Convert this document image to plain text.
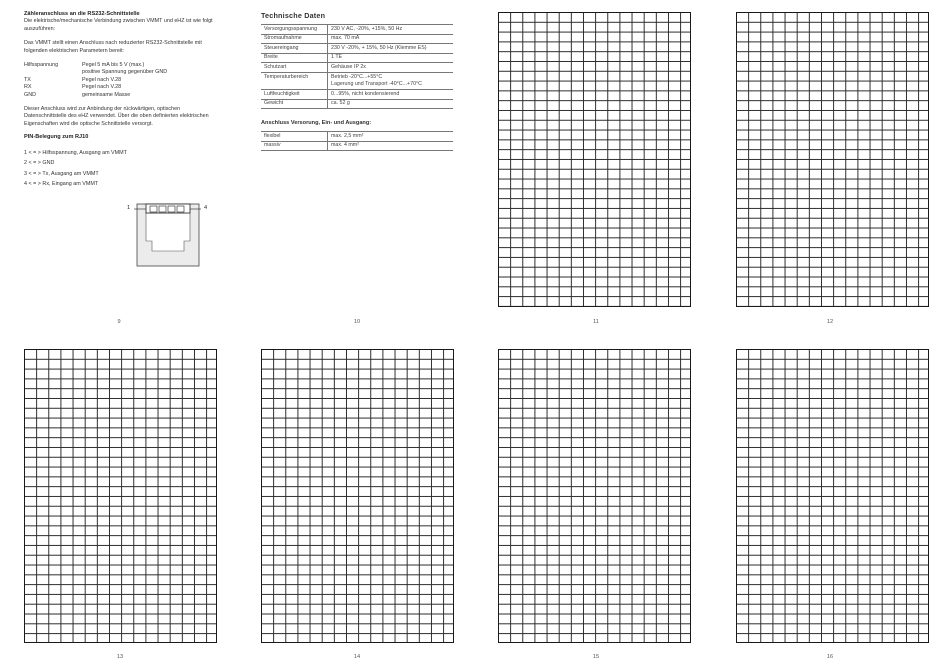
Zähleranschluss an die RS232-Schnittstelle

Die elektrische/mechanische Verbindung zwischen VMMT und eHZ ist wie folgt auszuführen:

Das VMMT stellt einen Anschluss nach reduzierter RS232-Schnittstelle mit folgenden elektrischen Parametern bereit:

Hilfsspannung	Pegel 5 mA bis 5 V (max.)
positive Spannung gegenüber GND
TX	Pegel nach V.28
RX	Pegel nach V.28
GND	gemeinsame Masse

Dieser Anschluss wird zur Anbindung der rückwärtigen, optischen Datenschnittstelle des eHZ verwendet. Über die oben definierten elektrischen Eigenschaften wird die optische Schnittstelle versorgt.

PIN-Belegung zum RJ10
1 < = > Hilfsspannung, Ausgang am VMMT
2 < = > GND
3 < = > Tx, Ausgang am VMMT
4 < = > Rx, Eingang am VMMT
1	4
9
Technische Daten
Versorgungsspannung	230 V AC, -20%, +15%, 50 Hz
Stromaufnahme	max. 70 mA
Steuereingang	230 V -20%, + 15%, 50 Hz (Klemme ES)
Breite	1 TE
Schutzart	Gehäuse IP 2x
Temperaturbereich	Betrieb -20°C...+55°C
Lagerung und Transport -40°C...+70°C

Luftfeuchtigkeit	0...95%, nicht kondensierend
Gewicht	ca. 52 g
Anschluss Versorung, Ein- und Ausgang:
flexibel	max. 2,5 mm²
massiv	max. 4 mm²
10	11	12
13	14	15	16
